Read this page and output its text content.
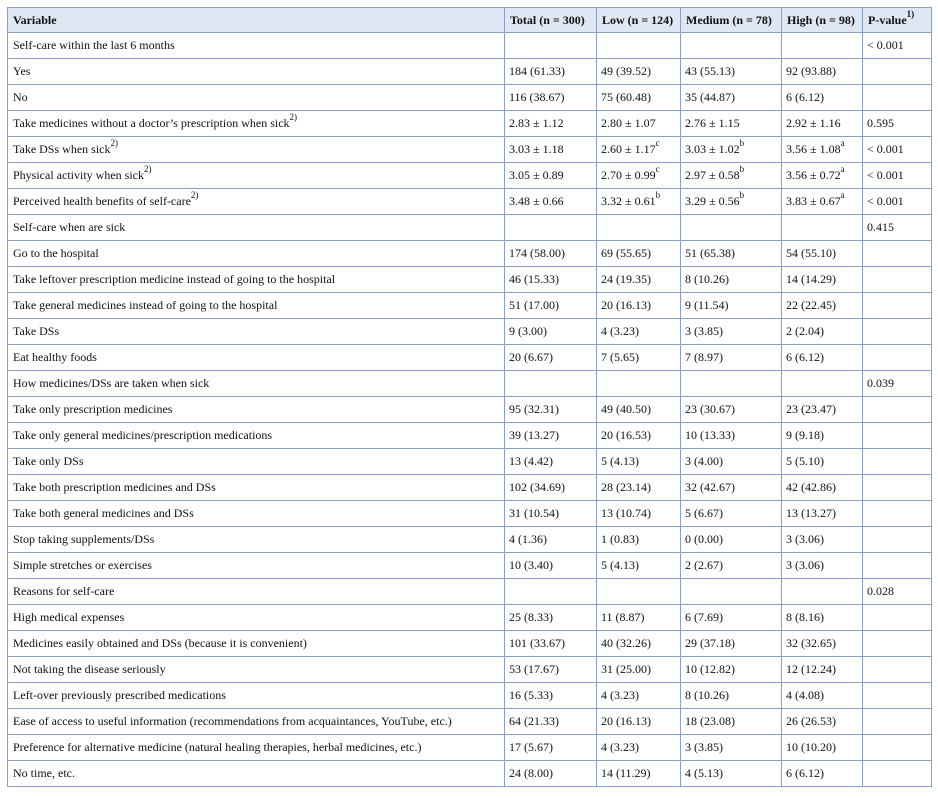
Variable	Total (n = 300)	Low (n = 124)	Medium (n = 78)	High (n = 98)	P-value$^{1)}$
Self-care within the last 6 months					< 0.001
Yes	184 (61.33)	49 (39.52)	43 (55.13)	92 (93.88)	
No	116 (38.67)	75 (60.48)	35 (44.87)	6 (6.12)	
Take medicines without a doctor’s prescription when sick$^{2)}$	2.83 ± 1.12	2.80 ± 1.07	2.76 ± 1.15	2.92 ± 1.16	0.595
Take DSs when sick$^{2)}$	3.03 ± 1.18	2.60 ± 1.17$^c$	3.03 ± 1.02$^b$	3.56 ± 1.08$^a$	< 0.001
Physical activity when sick$^{2)}$	3.05 ± 0.89	2.70 ± 0.99$^c$	2.97 ± 0.58$^b$	3.56 ± 0.72$^a$	< 0.001
Perceived health benefits of self-care$^{2)}$	3.48 ± 0.66	3.32 ± 0.61$^b$	3.29 ± 0.56$^b$	3.83 ± 0.67$^a$	< 0.001
Self-care when are sick					0.415
Go to the hospital	174 (58.00)	69 (55.65)	51 (65.38)	54 (55.10)	
Take leftover prescription medicine instead of going to the hospital	46 (15.33)	24 (19.35)	8 (10.26)	14 (14.29)	
Take general medicines instead of going to the hospital	51 (17.00)	20 (16.13)	9 (11.54)	22 (22.45)	
Take DSs	9 (3.00)	4 (3.23)	3 (3.85)	2 (2.04)	
Eat healthy foods	20 (6.67)	7 (5.65)	7 (8.97)	6 (6.12)	
How medicines/DSs are taken when sick					0.039
Take only prescription medicines	95 (32.31)	49 (40.50)	23 (30.67)	23 (23.47)	
Take only general medicines/prescription medications	39 (13.27)	20 (16.53)	10 (13.33)	9 (9.18)	
Take only DSs	13 (4.42)	5 (4.13)	3 (4.00)	5 (5.10)	
Take both prescription medicines and DSs	102 (34.69)	28 (23.14)	32 (42.67)	42 (42.86)	
Take both general medicines and DSs	31 (10.54)	13 (10.74)	5 (6.67)	13 (13.27)	
Stop taking supplements/DSs	4 (1.36)	1 (0.83)	0 (0.00)	3 (3.06)	
Simple stretches or exercises	10 (3.40)	5 (4.13)	2 (2.67)	3 (3.06)	
Reasons for self-care					0.028
High medical expenses	25 (8.33)	11 (8.87)	6 (7.69)	8 (8.16)	
Medicines easily obtained and DSs (because it is convenient)	101 (33.67)	40 (32.26)	29 (37.18)	32 (32.65)	
Not taking the disease seriously	53 (17.67)	31 (25.00)	10 (12.82)	12 (12.24)	
Left-over previously prescribed medications	16 (5.33)	4 (3.23)	8 (10.26)	4 (4.08)	
Ease of access to useful information (recommendations from acquaintances, YouTube, etc.)	64 (21.33)	20 (16.13)	18 (23.08)	26 (26.53)	
Preference for alternative medicine (natural healing therapies, herbal medicines, etc.)	17 (5.67)	4 (3.23)	3 (3.85)	10 (10.20)	
No time, etc.	24 (8.00)	14 (11.29)	4 (5.13)	6 (6.12)	
